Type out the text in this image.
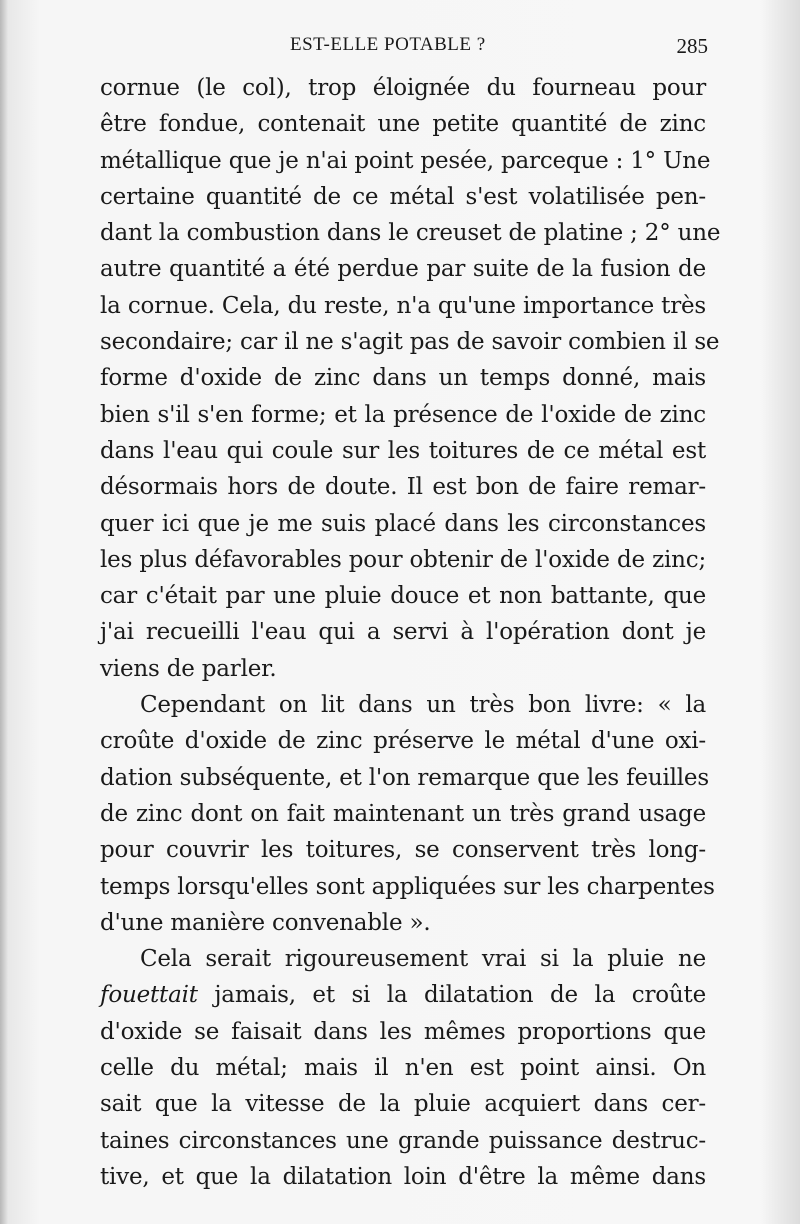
EST-ELLE POTABLE ?	285
cornue (le col), trop éloignée du fourneau pour
être fondue, contenait une petite quantité de zinc
métallique que je n'ai point pesée, parceque : 1° Une
certaine quantité de ce métal s'est volatilisée pen-
dant la combustion dans le creuset de platine ; 2° une
autre quantité a été perdue par suite de la fusion de
la cornue. Cela, du reste, n'a qu'une importance très
secondaire; car il ne s'agit pas de savoir combien il se
forme d'oxide de zinc dans un temps donné, mais
bien s'il s'en forme; et la présence de l'oxide de zinc
dans l'eau qui coule sur les toitures de ce métal est
désormais hors de doute. Il est bon de faire remar-
quer ici que je me suis placé dans les circonstances
les plus défavorables pour obtenir de l'oxide de zinc;
car c'était par une pluie douce et non battante, que
j'ai recueilli l'eau qui a servi à l'opération dont je
viens de parler.
Cependant on lit dans un très bon livre: « la
croûte d'oxide de zinc préserve le métal d'une oxi-
dation subséquente, et l'on remarque que les feuilles
de zinc dont on fait maintenant un très grand usage
pour couvrir les toitures, se conservent très long-
temps lorsqu'elles sont appliquées sur les charpentes
d'une manière convenable ».
Cela serait rigoureusement vrai si la pluie ne
fouettait jamais, et si la dilatation de la croûte
d'oxide se faisait dans les mêmes proportions que
celle du métal; mais il n'en est point ainsi. On
sait que la vitesse de la pluie acquiert dans cer-
taines circonstances une grande puissance destruc-
tive, et que la dilatation loin d'être la même dans
